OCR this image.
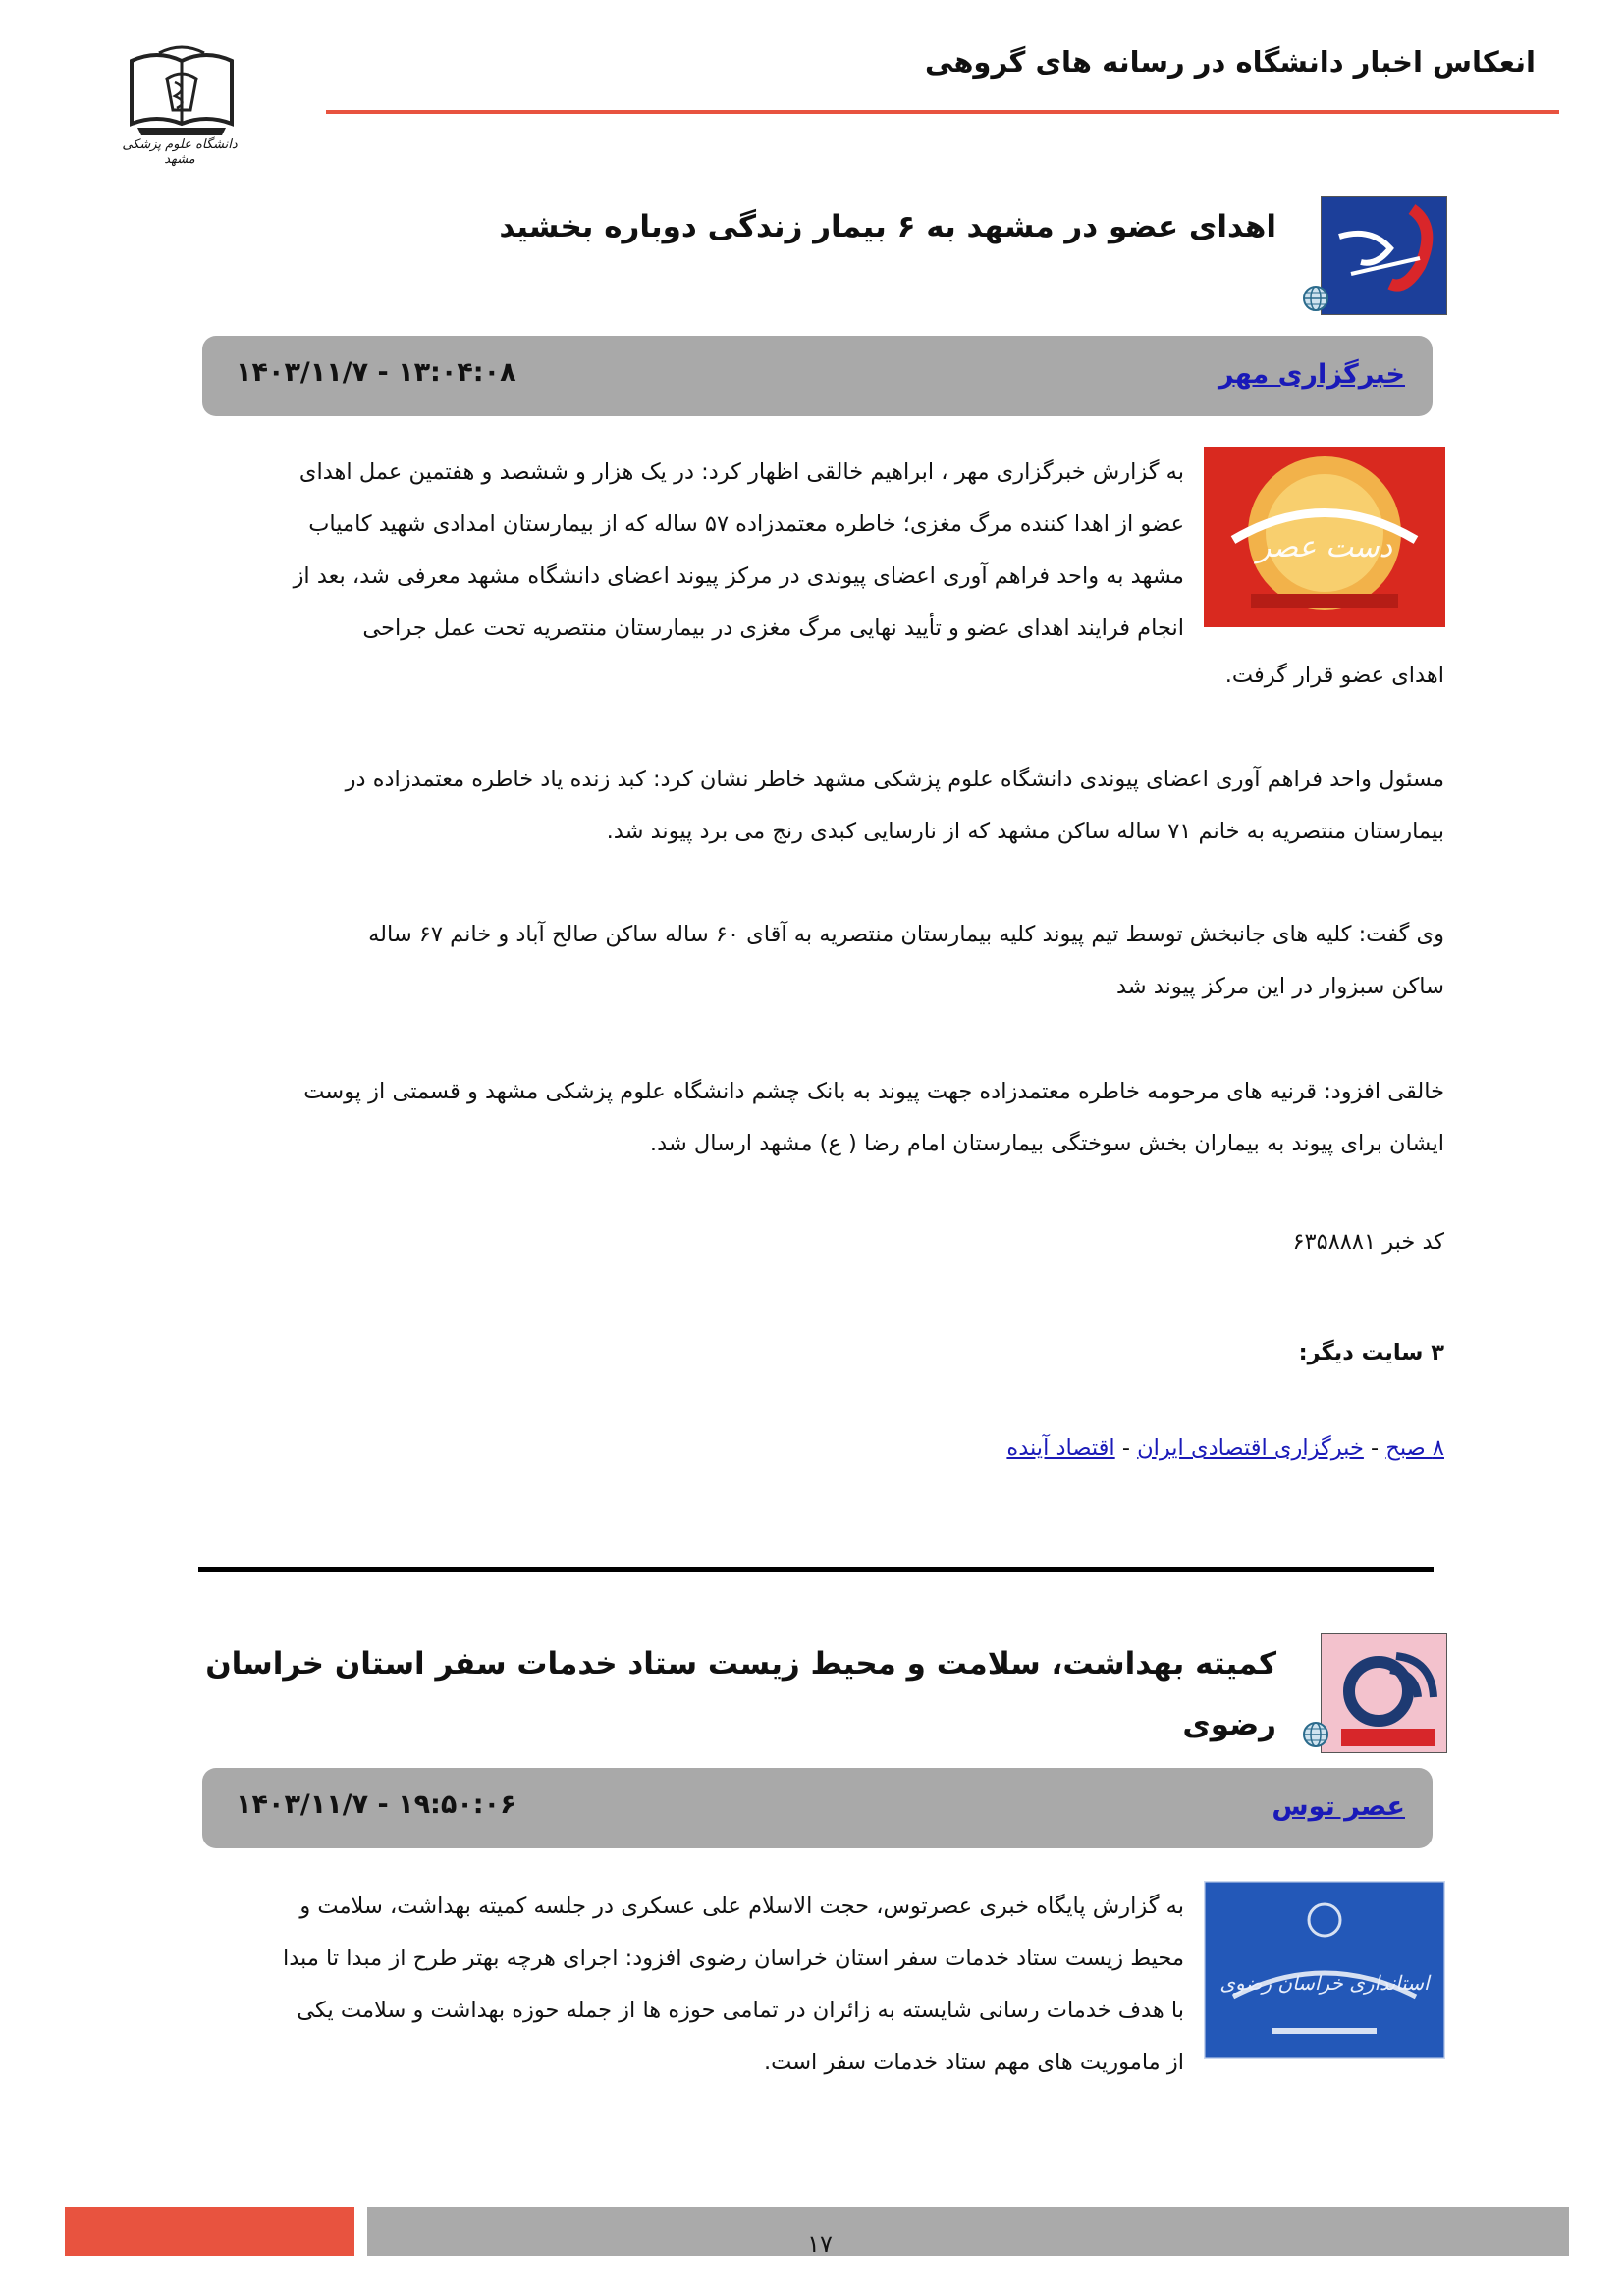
انعکاس اخبار دانشگاه در رسانه های گروهی
دانشگاه علوم پزشکی مشهد
اهدای عضو در مشهد به ۶ بیمار زندگی دوباره بخشید
خبرگزاری مهر
۱۴۰۳/۱۱/۷ - ۱۳:۰۴:۰۸
دست عصر
به گزارش خبرگزاری مهر ، ابراهیم خالقی اظهار کرد: در یک هزار و ششصد و هفتمین عمل اهدای
عضو از اهدا کننده مرگ مغزی؛ خاطره معتمدزاده ۵۷ ساله که از بیمارستان امدادی شهید کامیاب
مشهد به واحد فراهم آوری اعضای پیوندی در مرکز پیوند اعضای دانشگاه مشهد معرفی شد، بعد از
انجام فرایند اهدای عضو و تأیید نهایی مرگ مغزی در بیمارستان منتصریه تحت عمل جراحی
اهدای عضو قرار گرفت.
مسئول واحد فراهم آوری اعضای پیوندی دانشگاه علوم پزشکی مشهد خاطر نشان کرد: کبد زنده یاد خاطره معتمدزاده در
بیمارستان منتصریه به خانم ۷۱ ساله ساکن مشهد که از نارسایی کبدی رنج می برد پیوند شد.
وی گفت: کلیه های جانبخش توسط تیم پیوند کلیه بیمارستان منتصریه به آقای ۶۰ ساله ساکن صالح آباد و خانم ۶۷ ساله
ساکن سبزوار در این مرکز پیوند شد
خالقی افزود: قرنیه های مرحومه خاطره معتمدزاده جهت پیوند به بانک چشم دانشگاه علوم پزشکی مشهد و قسمتی از پوست
ایشان برای پیوند به بیماران بخش سوختگی بیمارستان امام رضا ( ع) مشهد ارسال شد.
کد خبر ۶۳۵۸۸۸۱
۳ سایت دیگر:
۸ صبح - خبرگزاری اقتصادی ایران - اقتصاد آینده
کمیته بهداشت، سلامت و محیط زیست ستاد خدمات سفر استان خراسان رضوی
عصر توس
۱۴۰۳/۱۱/۷ - ۱۹:۵۰:۰۶
استانداری خراسان رضوی
به گزارش پایگاه خبری عصرتوس، حجت الاسلام علی عسکری در جلسه کمیته بهداشت، سلامت و
محیط زیست ستاد خدمات سفر استان خراسان رضوی افزود: اجرای هرچه بهتر طرح از مبدا تا مبدا
با هدف خدمات رسانی شایسته به زائران در تمامی حوزه ها از جمله حوزه بهداشت و سلامت یکی
از ماموریت های مهم ستاد خدمات سفر است.
۱۷
